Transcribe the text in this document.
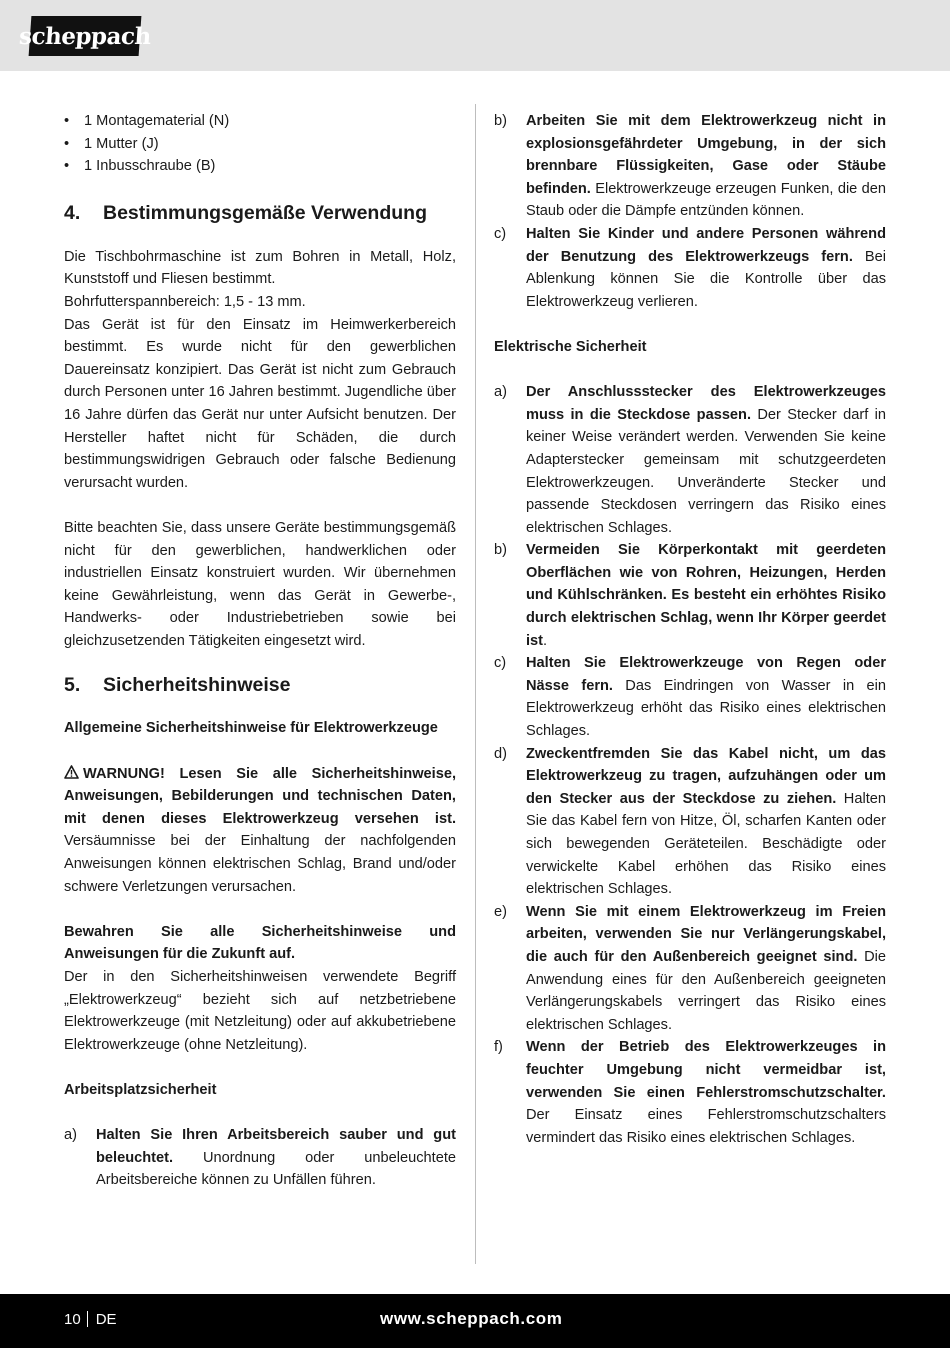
scheppach
• 1 Montagematerial (N)
• 1 Mutter (J)
• 1 Inbusschraube (B)
4. Bestimmungsgemäße Verwendung

Die Tischbohrmaschine ist zum Bohren in Metall, Holz, Kunststoff und Fliesen bestimmt.

Bohrfutterspannbereich: 1,5 - 13 mm.

Das Gerät ist für den Einsatz im Heimwerkerbereich bestimmt. Es wurde nicht für den gewerblichen Dauereinsatz konzipiert. Das Gerät ist nicht zum Gebrauch durch Personen unter 16 Jahren bestimmt. Jugendliche über 16 Jahre dürfen das Gerät nur unter Aufsicht benutzen. Der Hersteller haftet nicht für Schäden, die durch bestimmungswidrigen Gebrauch oder falsche Bedienung verursacht wurden.

Bitte beachten Sie, dass unsere Geräte bestimmungsgemäß nicht für den gewerblichen, handwerklichen oder industriellen Einsatz konstruiert wurden. Wir übernehmen keine Gewährleistung, wenn das Gerät in Gewerbe-, Handwerks- oder Industriebetrieben sowie bei gleichzusetzenden Tätigkeiten eingesetzt wird.

5. Sicherheitshinweise

Allgemeine Sicherheitshinweise für Elektrowerkzeuge

WARNUNG! Lesen Sie alle Sicherheitshinweise, Anweisungen, Bebilderungen und technischen Daten, mit denen dieses Elektrowerkzeug versehen ist. Versäumnisse bei der Einhaltung der nachfolgenden Anweisungen können elektrischen Schlag, Brand und/oder schwere Verletzungen verursachen.

Bewahren Sie alle Sicherheitshinweise und Anweisungen für die Zukunft auf.

Der in den Sicherheitshinweisen verwendete Begriff „Elektrowerkzeug“ bezieht sich auf netzbetriebene Elektrowerkzeuge (mit Netzleitung) oder auf akkubetriebene Elektrowerkzeuge (ohne Netzleitung).

Arbeitsplatzsicherheit

a)	Halten Sie Ihren Arbeitsbereich sauber und gut beleuchtet. Unordnung oder unbeleuchtete Arbeitsbereiche können zu Unfällen führen.
b)	Arbeiten Sie mit dem Elektrowerkzeug nicht in explosionsgefährdeter Umgebung, in der sich brennbare Flüssigkeiten, Gase oder Stäube befinden. Elektrowerkzeuge erzeugen Funken, die den Staub oder die Dämpfe entzünden können.
c)	Halten Sie Kinder und andere Personen während der Benutzung des Elektrowerkzeugs fern. Bei Ablenkung können Sie die Kontrolle über das Elektrowerkzeug verlieren.

Elektrische Sicherheit

a)	Der Anschlussstecker des Elektrowerkzeuges muss in die Steckdose passen. Der Stecker darf in keiner Weise verändert werden. Verwenden Sie keine Adapterstecker gemeinsam mit schutzgeerdeten Elektrowerkzeugen. Unveränderte Stecker und passende Steckdosen verringern das Risiko eines elektrischen Schlages.
b)	Vermeiden Sie Körperkontakt mit geerdeten Oberflächen wie von Rohren, Heizungen, Herden und Kühlschränken. Es besteht ein erhöhtes Risiko durch elektrischen Schlag, wenn Ihr Körper geerdet ist.
c)	Halten Sie Elektrowerkzeuge von Regen oder Nässe fern. Das Eindringen von Wasser in ein Elektrowerkzeug erhöht das Risiko eines elektrischen Schlages.
d)	Zweckentfremden Sie das Kabel nicht, um das Elektrowerkzeug zu tragen, aufzuhängen oder um den Stecker aus der Steckdose zu ziehen. Halten Sie das Kabel fern von Hitze, Öl, scharfen Kanten oder sich bewegenden Geräteteilen. Beschädigte oder verwickelte Kabel erhöhen das Risiko eines elektrischen Schlages.
e)	Wenn Sie mit einem Elektrowerkzeug im Freien arbeiten, verwenden Sie nur Verlängerungskabel, die auch für den Außenbereich geeignet sind. Die Anwendung eines für den Außenbereich geeigneten Verlängerungskabels verringert das Risiko eines elektrischen Schlages.
f)	Wenn der Betrieb des Elektrowerkzeuges in feuchter Umgebung nicht vermeidbar ist, verwenden Sie einen Fehlerstromschutzschalter. Der Einsatz eines Fehlerstromschutzschalters vermindert das Risiko eines elektrischen Schlages.
10 DE	www.scheppach.com
